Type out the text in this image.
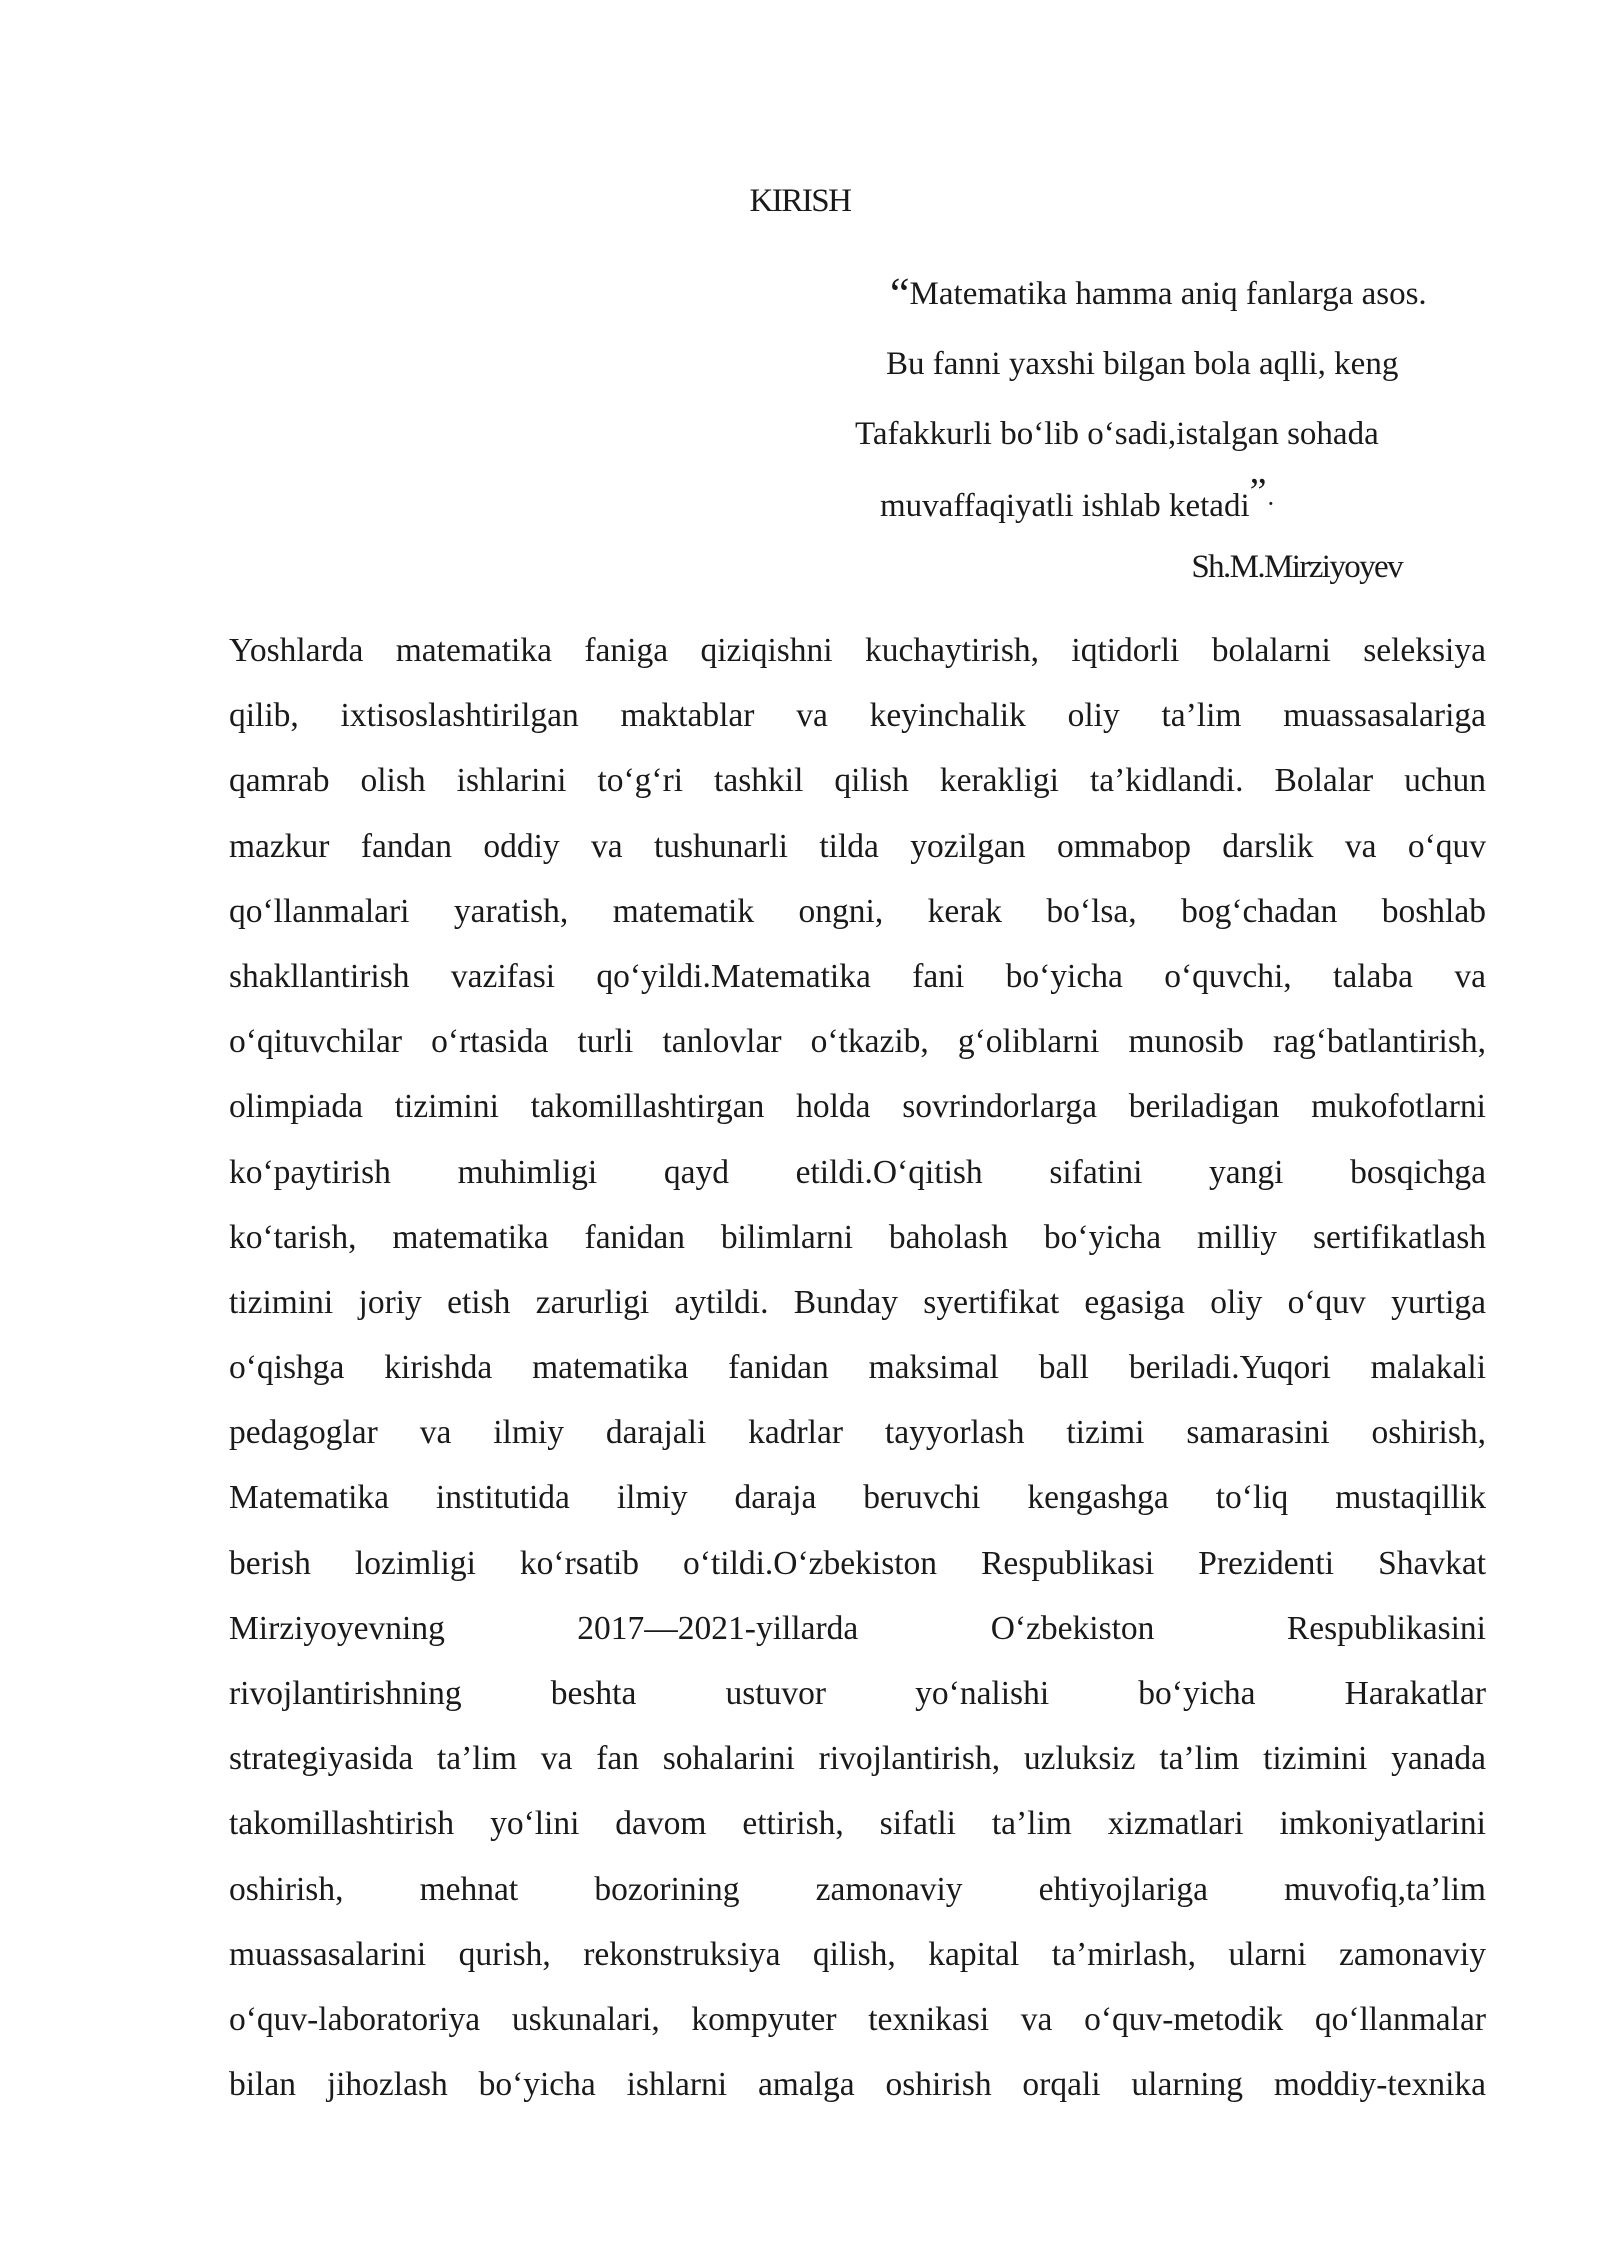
KIRISH
“Matematika hamma aniq fanlarga asos.
Bu fanni yaxshi bilgan bola aqlli, keng
Tafakkurli bo‘lib o‘sadi,istalgan sohada
muvaffaqiyatli ishlab ketadi”·
Sh.M.Mirziyoyev
Yoshlarda matematika faniga qiziqishni kuchaytirish, iqtidorli bolalarni seleksiya
qilib, ixtisoslashtirilgan maktablar va keyinchalik oliy ta’lim muassasalariga
qamrab olish ishlarini to‘g‘ri tashkil qilish kerakligi ta’kidlandi. Bolalar uchun
mazkur fandan oddiy va tushunarli tilda yozilgan ommabop darslik va o‘quv
qo‘llanmalari yaratish, matematik ongni, kerak bo‘lsa, bog‘chadan boshlab
shakllantirish vazifasi qo‘yildi.Matematika fani bo‘yicha o‘quvchi, talaba va
o‘qituvchilar o‘rtasida turli tanlovlar o‘tkazib, g‘oliblarni munosib rag‘batlantirish,
olimpiada tizimini takomillashtirgan holda sovrindorlarga beriladigan mukofotlarni
ko‘paytirish muhimligi qayd etildi.O‘qitish sifatini yangi bosqichga
ko‘tarish, matematika fanidan bilimlarni baholash bo‘yicha milliy sertifikatlash
tizimini joriy etish zarurligi aytildi. Bunday syertifikat egasiga oliy o‘quv yurtiga
o‘qishga kirishda matematika fanidan maksimal ball beriladi.Yuqori malakali
pedagoglar va ilmiy darajali kadrlar tayyorlash tizimi samarasini oshirish,
Matematika institutida ilmiy daraja beruvchi kengashga to‘liq mustaqillik
berish lozimligi ko‘rsatib o‘tildi.O‘zbekiston Respublikasi Prezidenti Shavkat
Mirziyoyevning 2017—2021-yillarda O‘zbekiston Respublikasini
rivojlantirishning beshta ustuvor yo‘nalishi bo‘yicha Harakatlar
strategiyasida ta’lim va fan sohalarini rivojlantirish, uzluksiz ta’lim tizimini yanada
takomillashtirish yo‘lini davom ettirish, sifatli ta’lim xizmatlari imkoniyatlarini
oshirish, mehnat bozorining zamonaviy ehtiyojlariga muvofiq,ta’lim
muassasalarini qurish, rekonstruksiya qilish, kapital ta’mirlash, ularni zamonaviy
o‘quv-laboratoriya uskunalari, kompyuter texnikasi va o‘quv-metodik qo‘llanmalar
bilan jihozlash bo‘yicha ishlarni amalga oshirish orqali ularning moddiy-texnika
